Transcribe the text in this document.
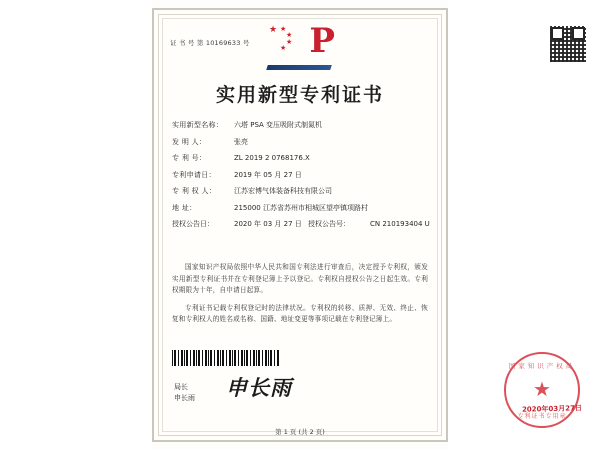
证 书 号 第 10169633 号
★ ★
★
★
★ P
实用新型专利证书
实用新型名称：	六塔 PSA 变压吸附式制氮机
发 明 人：	张亮
专 利 号：	ZL 2019 2 0768176.X
专利申请日：	2019 年 05 月 27 日
专 利 权 人：	江苏宏博气体装备科技有限公司
地 址：	215000 江苏省苏州市相城区望亭镇项路村
授权公告日：	2020 年 03 月 27 日 授权公告号：	CN 210193404 U

国家知识产权局依照中华人民共和国专利法进行审查后，决定授予专利权，颁发实用新型专利证书并在专利登记簿上予以登记。专利权自授权公告之日起生效。专利权期限为十年，自申请日起算。

专利证书记载专利权登记时的法律状况。专利权的转移、质押、无效、终止、恢复和专利权人的姓名或名称、国籍、地址变更等事项记载在专利登记簿上。

局长
申长雨 申长雨
国家知识产权局
★
专利证书专用章
2020年03月27日
第 1 页 (共 2 页)
